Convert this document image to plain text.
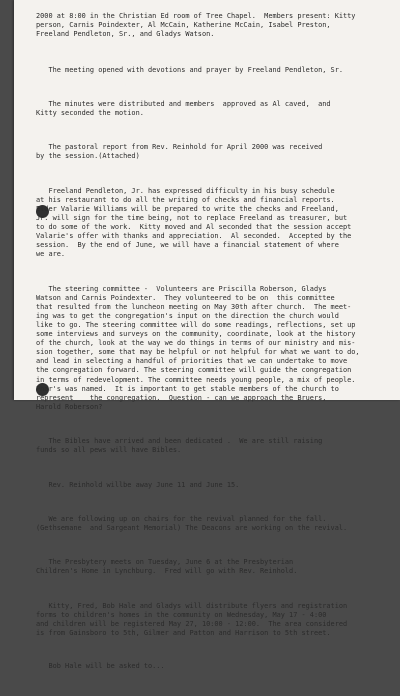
2000 at 8:00 in the Christian Ed room of Tree Chapel.  Members present: Kitty
person, Carnis Poindexter, Al McCain, Katherine McCain, Isabel Preston,
Freeland Pendleton, Sr., and Gladys Watson.

The meeting opened with devotions and prayer by Freeland Pendleton, Sr.

The minutes were distributed and members  approved as Al caved,  and
Kitty seconded the motion.

The pastoral report from Rev. Reinhold for April 2000 was received
by the session.(Attached)

Freeland Pendleton, Jr. has expressed difficulty in his busy schedule
at his restaurant to do all the writing of checks and financial reports.
Elder Valarie Williams will be prepared to write the checks and Freeland,
Jr. will sign for the time being, not to replace Freeland as treasurer, but
to do some of the work.  Kitty moved and Al seconded that the session accept
Valarie's offer with thanks and appreciation.  Al seconded.  Accepted by the
session.  By the end of June, we will have a financial statement of where
we are.

The steering committee -  Volunteers are Priscilla Roberson, Gladys
Watson and Carnis Poindexter.  They volunteered to be on  this committee
that resulted from the luncheon meeting on May 30th after church.  The meet-
ing was to get the congregation's input on the direction the church would
like to go. The steering committee will do some readings, reflections, set up
some interviews and surveys on the community, coordinate, look at the history
of the church, look at the way we do things in terms of our ministry and mis-
sion together, some that may be helpful or not helpful for what we want to do,
and lead in selecting a handful of priorities that we can undertake to move
the congregation forward. The steering committee will guide the congregation
in terms of redevelopment. The committee needs young people, a mix of people.
Phar's was named.  It is important to get stable members of the church to
represent    the congregation.  Question - can we approach the Bruers,
Harold Roberson?

The Bibles have arrived and been dedicated .  We are still raising
funds so all pews will have Bibles.

Rev. Reinhold willbe away June 11 and June 15.

We are following up on chairs for the revival planned for the fall.
(Gethsemane  and Sargeant Memorial) The Deacons are working on the revival.

The Presbytery meets on Tuesday, June 6 at the Presbyterian
Children's Home in Lynchburg.  Fred will go with Rev. Reinhold.

Kitty, Fred, Bob Hale and Gladys will distribute flyers and registration
forms to children's homes in the community on Wednesday, May 17 - 4:00
and children will be registered May 27, 10:00 - 12:00.  The area considered
is from Gainsboro to 5th, Gilmer and Patton and Harrison to 5th street.

Bob Hale will be asked to...
